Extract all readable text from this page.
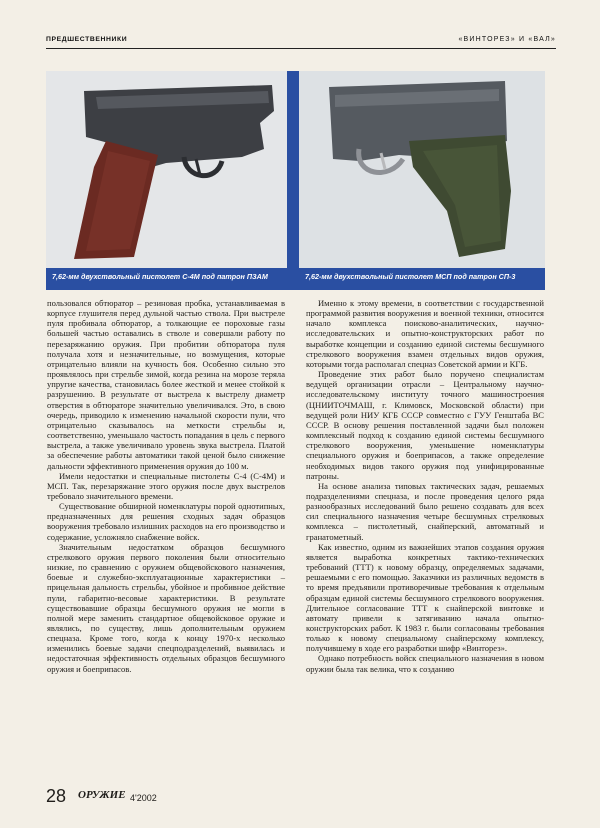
ПРЕДШЕСТВЕННИКИ	«ВИНТОРЕЗ» И «ВАЛ»
7,62-мм двухствольный пистолет С-4М под патрон ПЗАМ	7,62-мм двухствольный пистолет МСП под патрон СП-3

пользовался обтюратор – резиновая пробка, устанавливаемая в корпусе глушителя перед дульной частью ствола. При выстреле пуля пробивала обтюратор, а толкающие ее пороховые газы большей частью оставались в стволе и совершали работу по перезаряжанию оружия. При пробитии обтюратора пуля получала хотя и незначительные, но возмущения, которые отрицательно влияли на кучность боя. Особенно сильно это проявлялось при стрельбе зимой, когда резина на морозе теряла упругие качества, становилась более жесткой и менее стойкой к разрушению. В результате от выстрела к выстрелу диаметр отверстия в обтюраторе значительно увеличивался. Это, в свою очередь, приводило к изменению начальной скорости пули, что отрицательно сказывалось на меткости стрельбы и, соответственно, уменьшало частость попадания в цель с первого выстрела, а также увеличивало уровень звука выстрела. Платой за обеспечение работы автоматики такой ценой было снижение дальности эффективного применения оружия до 100 м.

Имели недостатки и специальные пистолеты С-4 (С-4М) и МСП. Так, перезаряжание этого оружия после двух выстрелов требовало значительного времени.

Существование обширной номенклатуры порой однотипных, предназначенных для решения сходных задач образцов вооружения требовало излишних расходов на его производство и содержание, усложняло снабжение войск.

Значительным недостатком образцов бесшумного стрелкового оружия первого поколения были относительно низкие, по сравнению с оружием общевойскового назначения, боевые и служебно-эксплуатационные характеристики – прицельная дальность стрельбы, убойное и пробивное действие пули, габаритно-весовые характеристики. В результате существовавшие образцы бесшумного оружия не могли в полной мере заменить стандартное общевойсковое оружие и являлись, по существу, лишь дополнительным оружием спецназа. Кроме того, когда к концу 1970-х несколько изменились боевые задачи спецподразделений, выявилась и недостаточная эффективность отдельных образцов бесшумного оружия и боеприпасов.

Именно к этому времени, в соответствии с государственной программой развития вооружения и военной техники, относится начало комплекса поисково-аналитических, научно-исследовательских и опытно-конструкторских работ по выработке концепции и созданию единой системы бесшумного стрелкового вооружения взамен отдельных видов оружия, которыми тогда располагал спецназ Советской армии и КГБ.

Проведение этих работ было поручено специалистам ведущей организации отрасли – Центральному научно-исследовательскому институту точного машиностроения (ЦНИИТОЧМАШ, г. Климовск, Московской области) при ведущей роли НИУ КГБ СССР совместно с ГУУ Генштаба ВС СССР. В основу решения поставленной задачи был положен комплексный подход к созданию единой системы бесшумного стрелкового вооружения, уменьшение номенклатуры специального оружия и боеприпасов, а также определение необходимых видов такого оружия под унифицированные патроны.

На основе анализа типовых тактических задач, решаемых подразделениями спецназа, и после проведения целого ряда разнообразных исследований было решено создавать для всех сил специального назначения четыре бесшумных стрелковых комплекса – пистолетный, снайперский, автоматный и гранатометный.

Как известно, одним из важнейших этапов создания оружия является выработка конкретных тактико-технических требований (ТТТ) к новому образцу, определяемых задачами, решаемыми с его помощью. Заказчики из различных ведомств в то время предъявили противоречивые требования к отдельным образцам единой системы бесшумного стрелкового вооружения. Длительное согласование ТТТ к снайперской винтовке и автомату привели к затягиванию начала опытно-конструкторских работ. К 1983 г. были согласованы требования только к новому специальному снайперскому комплексу, получившему в ходе его разработки шифр «Винторез».

Однако потребность войск специального назначения в новом оружии была так велика, что к созданию

28 ОРУЖИЕ 4'2002
